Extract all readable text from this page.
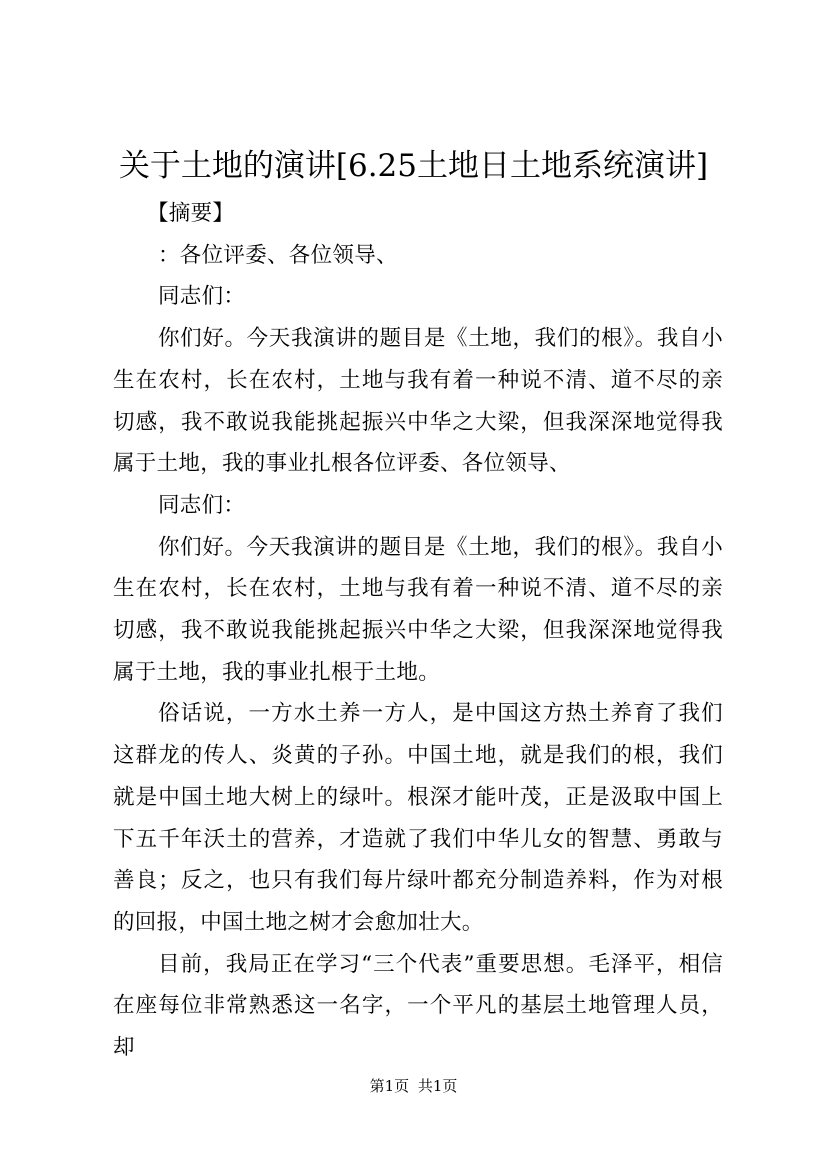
关于土地的演讲[6.25土地日土地系统演讲]

【摘要】

：各位评委、各位领导、

同志们：

你们好。今天我演讲的题目是《土地，我们的根》。我自小生在农村，长在农村，土地与我有着一种说不清、道不尽的亲切感，我不敢说我能挑起振兴中华之大梁，但我深深地觉得我属于土地，我的事业扎根各位评委、各位领导、

同志们：

你们好。今天我演讲的题目是《土地，我们的根》。我自小生在农村，长在农村，土地与我有着一种说不清、道不尽的亲切感，我不敢说我能挑起振兴中华之大梁，但我深深地觉得我属于土地，我的事业扎根于土地。

俗话说，一方水土养一方人，是中国这方热土养育了我们这群龙的传人、炎黄的子孙。中国土地，就是我们的根，我们就是中国土地大树上的绿叶。根深才能叶茂，正是汲取中国上下五千年沃土的营养，才造就了我们中华儿女的智慧、勇敢与善良；反之，也只有我们每片绿叶都充分制造养料，作为对根的回报，中国土地之树才会愈加壮大。

目前，我局正在学习“三个代表”重要思想。毛泽平，相信在座每位非常熟悉这一名字，一个平凡的基层土地管理人员，却

第1页 共1页
